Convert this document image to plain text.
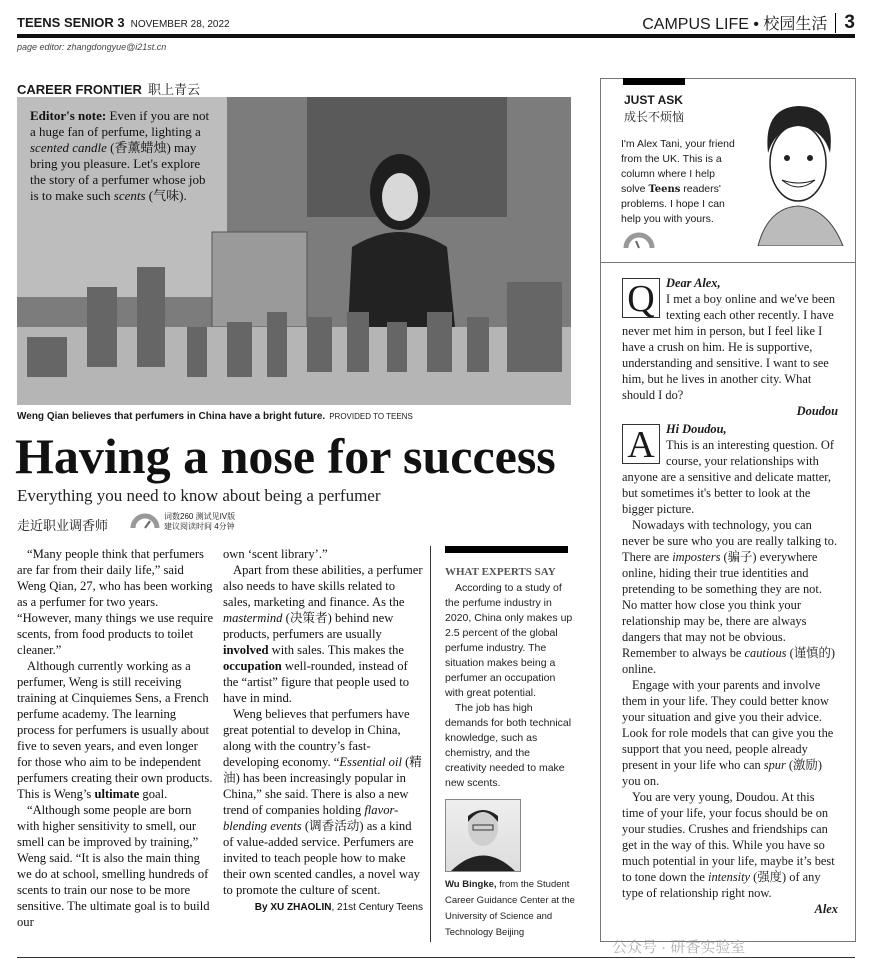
TEENS SENIOR 3 NOVEMBER 28, 2022	CAMPUS LIFE • 校园生活 3
page editor: zhangdongyue@i21st.cn
CAREER FRONTIER 职上青云
Editor's note: Even if you are not a huge fan of perfume, lighting a scented candle (香薰蜡烛) may bring you pleasure. Let's explore the story of a perfumer whose job is to make such scents (气味).
Weng Qian believes that perfumers in China have a bright future. PROVIDED TO TEENS
Having a nose for success
Everything you need to know about being a perfumer
走近职业调香师
词数260 测试见IV版
建议阅读时间 4分钟

“Many people think that perfumers are far from their daily life,” said Weng Qian, 27, who has been working as a perfumer for two years. “However, many things we use require scents, from food products to toilet cleaner.”

Although currently working as a perfumer, Weng is still receiving training at Cinquiemes Sens, a French perfume academy. The learning process for perfumers is usually about five to seven years, and even longer for those who aim to be independent perfumers creating their own products. This is Weng’s ultimate goal.

“Although some people are born with higher sensitivity to smell, our smell can be improved by training,” Weng said. “It is also the main thing we do at school, smelling hundreds of scents to train our nose to be more sensitive. The ultimate goal is to build our

own ‘scent library’.”

Apart from these abilities, a perfumer also needs to have skills related to sales, marketing and finance. As the mastermind (决策者) behind new products, perfumers are usually involved with sales. This makes the occupation well-rounded, instead of the “artist” figure that people used to have in mind.

Weng believes that perfumers have great potential to develop in China, along with the country’s fast-developing economy. “Essential oil (精油) has been increasingly popular in China,” she said. There is also a new trend of companies holding flavor-blending events (调香活动) as a kind of value-added service. Perfumers are invited to teach people how to make their own scented candles, a novel way to promote the culture of scent.

By XU ZHAOLIN, 21st Century Teens
WHAT EXPERTS SAY

According to a study of the perfume industry in 2020, China only makes up 2.5 percent of the global perfume industry. The situation makes being a perfumer an occupation with great potential.

The job has high demands for both technical knowledge, such as chemistry, and the creativity needed to make new scents.

Wu Bingke, from the Student Career Guidance Center at the University of Science and Technology Beijing
JUST ASK
成长不烦恼
I'm Alex Tani, your friend from the UK. This is a column where I help solve Teens readers' problems. I hope I can help you with yours.
Q Dear Alex,
I met a boy online and we've been texting each other recently. I have never met him in person, but I feel like I have a crush on him. He is supportive, understanding and sensitive. I want to see him, but he lives in another city. What should I do?
Doudou
A Hi Doudou,
This is an interesting question. Of course, your relationships with anyone are a sensitive and delicate matter, but sometimes it's better to look at the bigger picture.

Nowadays with technology, you can never be sure who you are really talking to. There are imposters (骗子) everywhere online, hiding their true identities and pretending to be something they are not. No matter how close you think your relationship may be, there are always dangers that may not be obvious. Remember to always be cautious (谨慎的) online.

Engage with your parents and involve them in your life. They could better know your situation and give you their advice. Look for role models that can give you the support that you need, people already present in your life who can spur (激励) you on.

You are very young, Doudou. At this time of your life, your focus should be on your studies. Crushes and friendships can get in the way of this. While you have so much potential in your life, maybe it’s best to tone down the intensity (强度) of any type of relationship right now.

Alex
公众号 · 研香实验室
